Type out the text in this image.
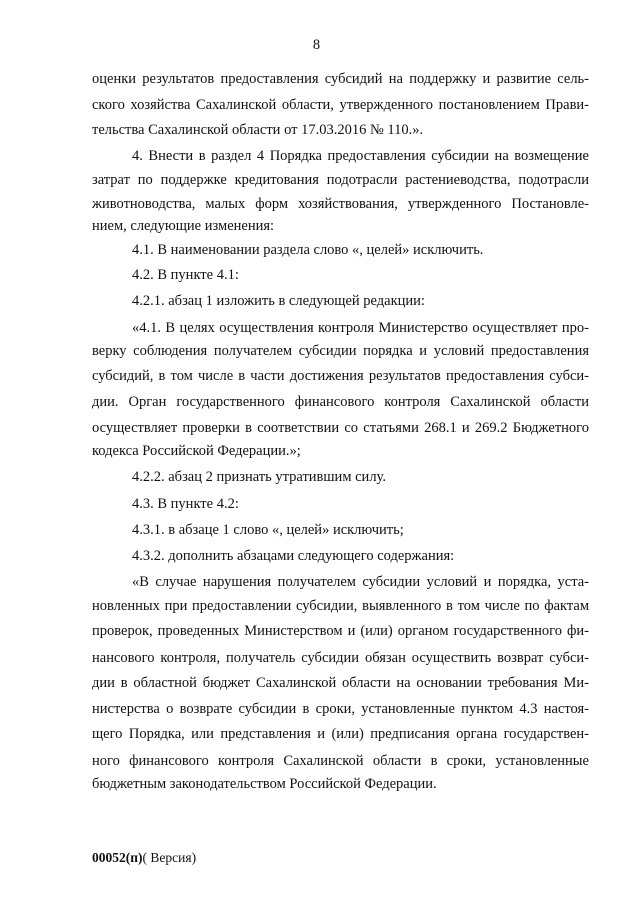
8
оценки результатов предоставления субсидий на поддержку и развитие сель-
ского хозяйства Сахалинской области, утвержденного постановлением Прави-
тельства Сахалинской области от 17.03.2016 № 110.».
4. Внести в раздел 4 Порядка предоставления субсидии на возмещение
затрат по поддержке кредитования подотрасли растениеводства, подотрасли
животноводства, малых форм хозяйствования, утвержденного Постановле-
нием, следующие изменения:
4.1. В наименовании раздела слово «, целей» исключить.
4.2. В пункте 4.1:
4.2.1. абзац 1 изложить в следующей редакции:
«4.1. В целях осуществления контроля Министерство осуществляет про-
верку соблюдения получателем субсидии порядка и условий предоставления
субсидий, в том числе в части достижения результатов предоставления субси-
дии. Орган государственного финансового контроля Сахалинской области
осуществляет проверки в соответствии со статьями 268.1 и 269.2 Бюджетного
кодекса Российской Федерации.»;
4.2.2. абзац 2 признать утратившим силу.
4.3. В пункте 4.2:
4.3.1. в абзаце 1 слово «, целей» исключить;
4.3.2. дополнить абзацами следующего содержания:
«В случае нарушения получателем субсидии условий и порядка, уста-
новленных при предоставлении субсидии, выявленного в том числе по фактам
проверок, проведенных Министерством и (или) органом государственного фи-
нансового контроля, получатель субсидии обязан осуществить возврат субси-
дии в областной бюджет Сахалинской области на основании требования Ми-
нистерства о возврате субсидии в сроки, установленные пунктом 4.3 настоя-
щего Порядка, или представления и (или) предписания органа государствен-
ного финансового контроля Сахалинской области в сроки, установленные
бюджетным законодательством Российской Федерации.
00052(п)( Версия)
